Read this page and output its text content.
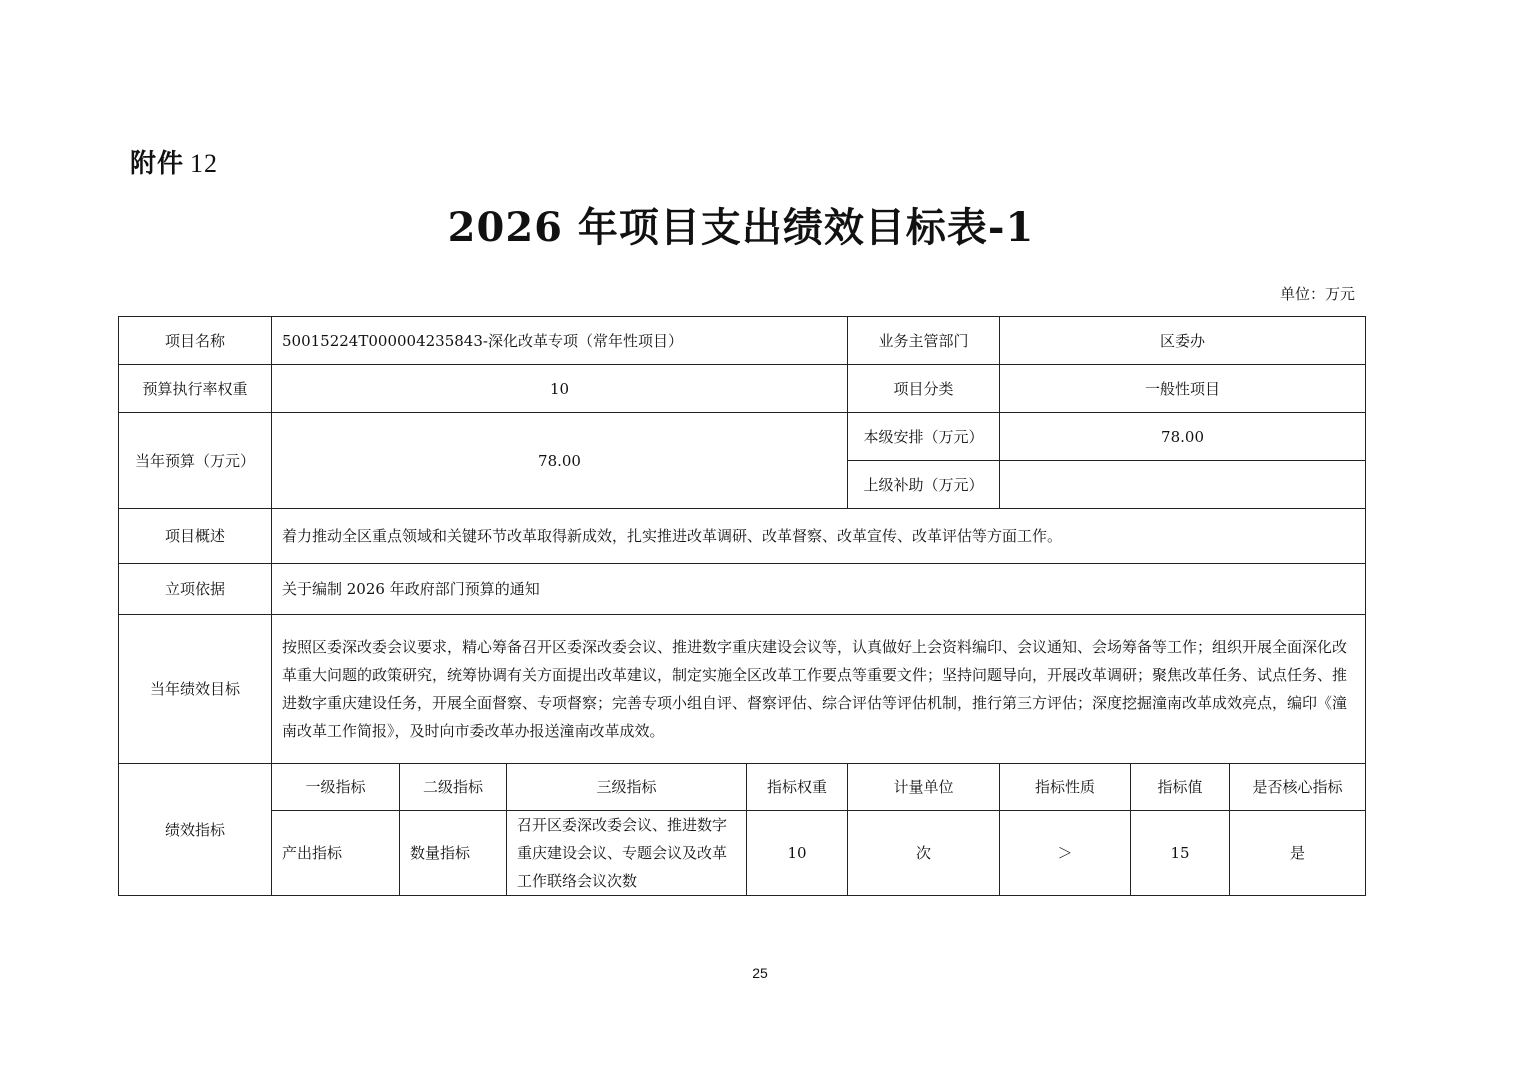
附件 12
2026 年项目支出绩效目标表-1
单位：万元
项目名称	50015224T000004235843-深化改革专项（常年性项目）				业务主管部门	区委办		
预算执行率权重	10				项目分类	一般性项目		
当年预算（万元）	78.00				本级安排（万元）	78.00		
					上级补助（万元）			
项目概述	着力推动全区重点领域和关键环节改革取得新成效，扎实推进改革调研、改革督察、改革宣传、改革评估等方面工作。							
立项依据	关于编制 2026 年政府部门预算的通知							
当年绩效目标	按照区委深改委会议要求，精心筹备召开区委深改委会议、推进数字重庆建设会议等，认真做好上会资料编印、会议通知、会场筹备等工作；组织开展全面深化改革重大问题的政策研究，统筹协调有关方面提出改革建议，制定实施全区改革工作要点等重要文件；坚持问题导向，开展改革调研；聚焦改革任务、试点任务、推进数字重庆建设任务，开展全面督察、专项督察；完善专项小组自评、督察评估、综合评估等评估机制，推行第三方评估；深度挖掘潼南改革成效亮点，编印《潼南改革工作简报》，及时向市委改革办报送潼南改革成效。							
绩效指标	一级指标	二级指标	三级指标	指标权重	计量单位	指标性质	指标值	是否核心指标
	产出指标	数量指标	召开区委深改委会议、推进数字重庆建设会议、专题会议及改革工作联络会议次数	10	次	＞	15	是
25
